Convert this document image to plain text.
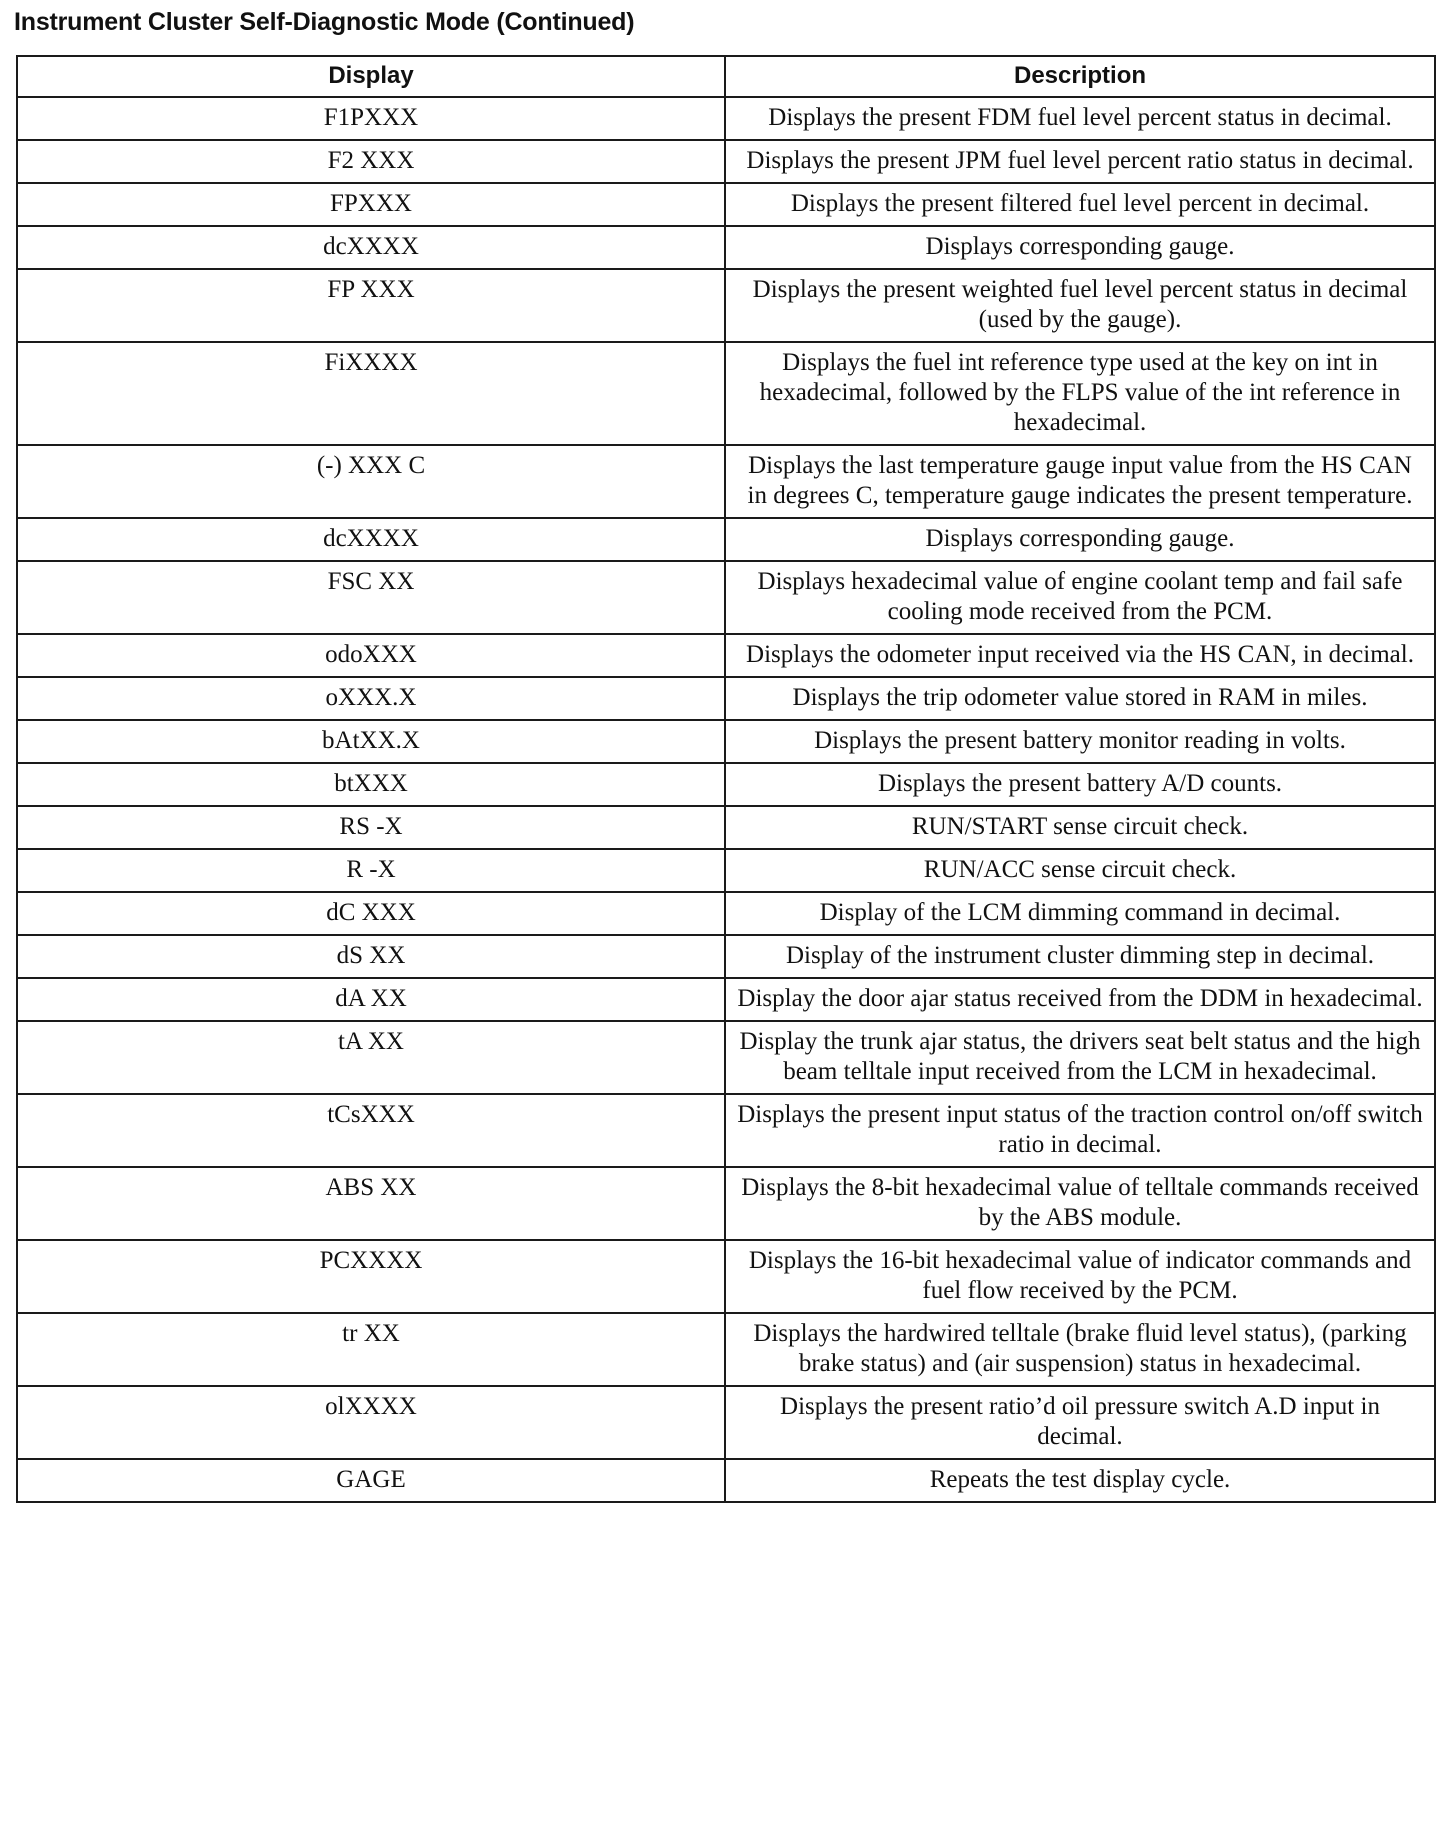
Instrument Cluster Self-Diagnostic Mode (Continued)
Display	Description
F1PXXX	Displays the present FDM fuel level percent status in decimal.
F2 XXX	Displays the present JPM fuel level percent ratio status in decimal.
FPXXX	Displays the present filtered fuel level percent in decimal.
dcXXXX	Displays corresponding gauge.
FP XXX	Displays the present weighted fuel level percent status in decimal (used by the gauge).
FiXXXX	Displays the fuel int reference type used at the key on int in hexadecimal, followed by the FLPS value of the int reference in hexadecimal.
(-) XXX C	Displays the last temperature gauge input value from the HS CAN in degrees C, temperature gauge indicates the present temperature.
dcXXXX	Displays corresponding gauge.
FSC XX	Displays hexadecimal value of engine coolant temp and fail safe cooling mode received from the PCM.
odoXXX	Displays the odometer input received via the HS CAN, in decimal.
oXXX.X	Displays the trip odometer value stored in RAM in miles.
bAtXX.X	Displays the present battery monitor reading in volts.
btXXX	Displays the present battery A/D counts.
RS -X	RUN/START sense circuit check.
R -X	RUN/ACC sense circuit check.
dC XXX	Display of the LCM dimming command in decimal.
dS XX	Display of the instrument cluster dimming step in decimal.
dA XX	Display the door ajar status received from the DDM in hexadecimal.
tA XX	Display the trunk ajar status, the drivers seat belt status and the high beam telltale input received from the LCM in hexadecimal.
tCsXXX	Displays the present input status of the traction control on/off switch ratio in decimal.
ABS XX	Displays the 8-bit hexadecimal value of telltale commands received by the ABS module.
PCXXXX	Displays the 16-bit hexadecimal value of indicator commands and fuel flow received by the PCM.
tr XX	Displays the hardwired telltale (brake fluid level status), (parking brake status) and (air suspension) status in hexadecimal.
olXXXX	Displays the present ratio’d oil pressure switch A.D input in decimal.
GAGE	Repeats the test display cycle.
